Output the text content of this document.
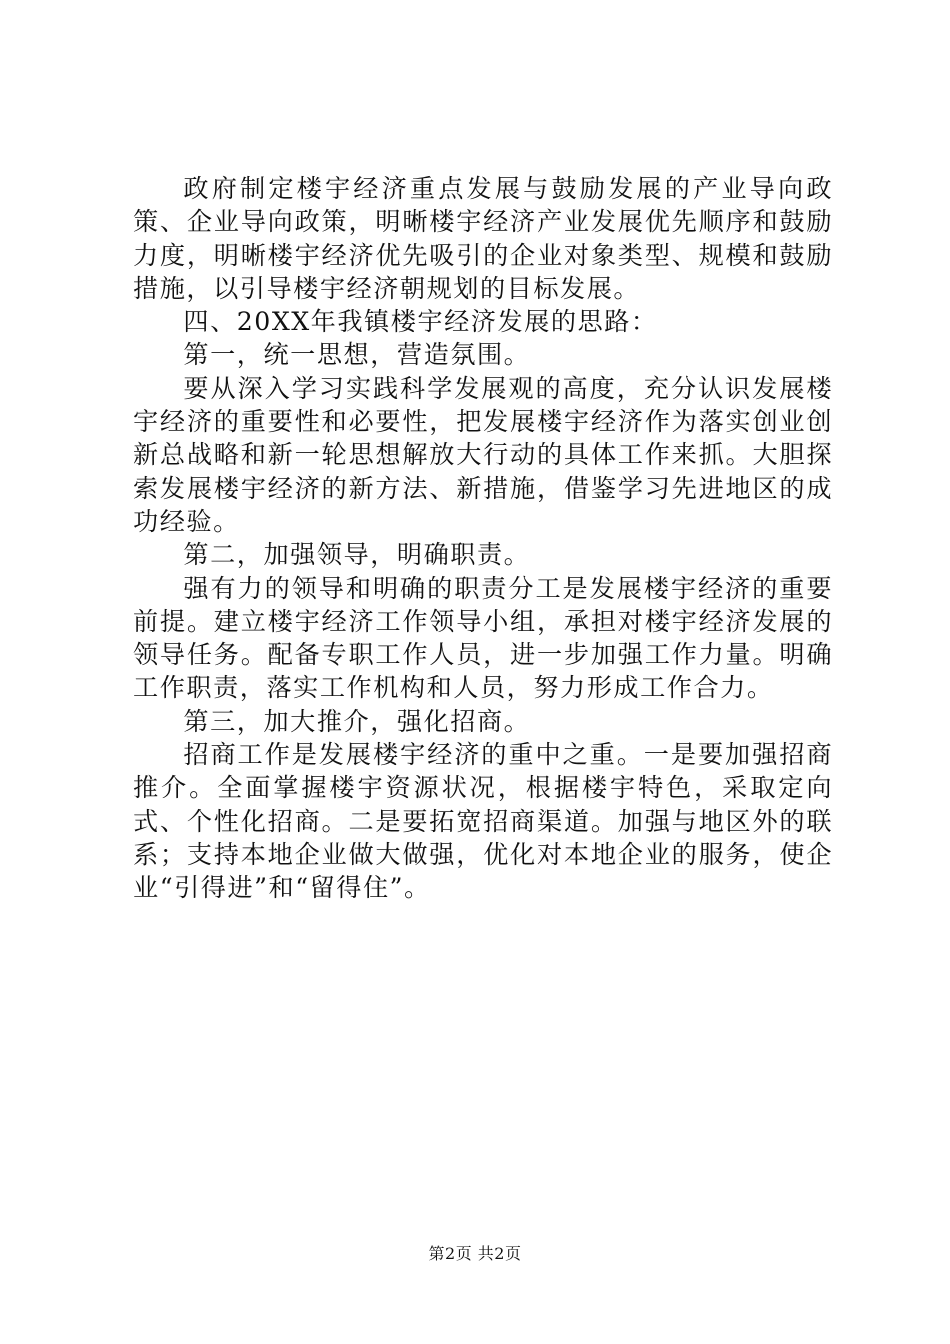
政府制定楼宇经济重点发展与鼓励发展的产业导向政策、企业导向政策，明晰楼宇经济产业发展优先顺序和鼓励力度，明晰楼宇经济优先吸引的企业对象类型、规模和鼓励措施，以引导楼宇经济朝规划的目标发展。

四、20XX年我镇楼宇经济发展的思路：

第一，统一思想，营造氛围。

要从深入学习实践科学发展观的高度，充分认识发展楼宇经济的重要性和必要性，把发展楼宇经济作为落实创业创新总战略和新一轮思想解放大行动的具体工作来抓。大胆探索发展楼宇经济的新方法、新措施，借鉴学习先进地区的成功经验。

第二，加强领导，明确职责。

强有力的领导和明确的职责分工是发展楼宇经济的重要前提。建立楼宇经济工作领导小组，承担对楼宇经济发展的领导任务。配备专职工作人员，进一步加强工作力量。明确工作职责，落实工作机构和人员，努力形成工作合力。

第三，加大推介，强化招商。

招商工作是发展楼宇经济的重中之重。一是要加强招商推介。全面掌握楼宇资源状况，根据楼宇特色，采取定向式、个性化招商。二是要拓宽招商渠道。加强与地区外的联系；支持本地企业做大做强，优化对本地企业的服务，使企业“引得进”和“留得住”。

第2页 共2页
